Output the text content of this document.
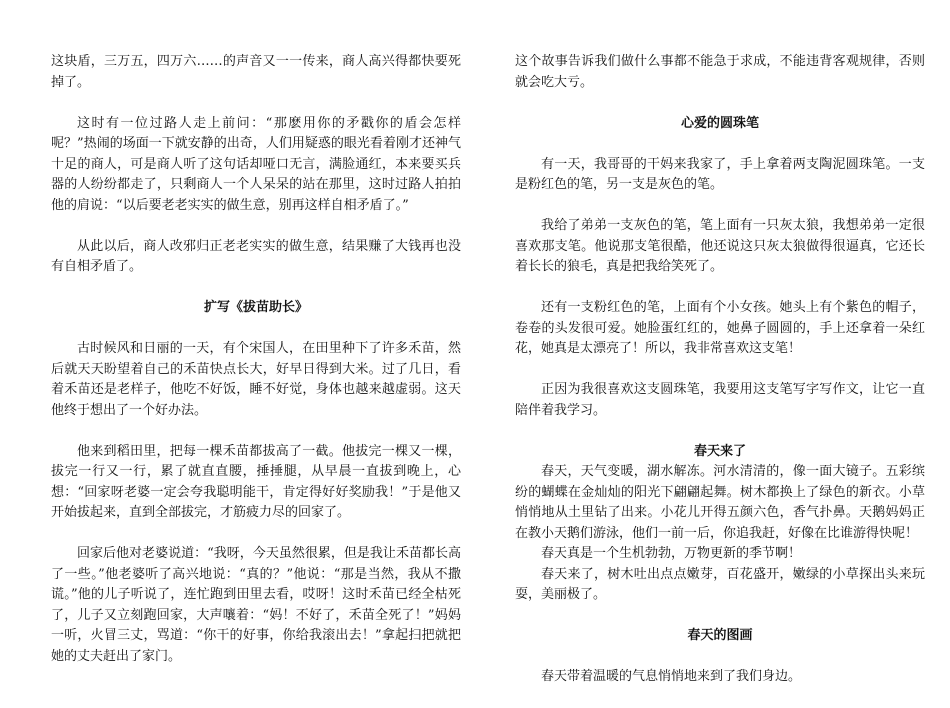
这块盾，三万五，四万六……的声音又一一传来，商人高兴得都快要死掉了。

这时有一位过路人走上前问：“那麽用你的矛戳你的盾会怎样呢？”热闹的场面一下就安静的出奇，人们用疑惑的眼光看着刚才还神气十足的商人，可是商人听了这句话却哑口无言，满脸通红，本来要买兵器的人纷纷都走了，只剩商人一个人呆呆的站在那里，这时过路人拍拍他的肩说：“以后要老老实实的做生意，别再这样自相矛盾了。”

从此以后，商人改邪归正老老实实的做生意，结果赚了大钱再也没有自相矛盾了。

扩写《拔苗助长》

古时候风和日丽的一天，有个宋国人，在田里种下了许多禾苗，然后就天天盼望着自己的禾苗快点长大，好早日得到大米。过了几日，看着禾苗还是老样子，他吃不好饭，睡不好觉，身体也越来越虚弱。这天他终于想出了一个好办法。

他来到稻田里，把每一棵禾苗都拔高了一截。他拔完一棵又一棵，拔完一行又一行，累了就直直腰，捶捶腿，从早晨一直拔到晚上，心想：“回家呀老婆一定会夸我聪明能干，肯定得好好奖励我！”于是他又开始拔起来，直到全部拔完，才筋疲力尽的回家了。

回家后他对老婆说道：“我呀，今天虽然很累，但是我让禾苗都长高了一些。”他老婆听了高兴地说：“真的？”他说：“那是当然，我从不撒谎。”他的儿子听说了，连忙跑到田里去看，哎呀！这时禾苗已经全枯死了，儿子又立刻跑回家，大声嚷着：“妈！不好了，禾苗全死了！”妈妈一听，火冒三丈，骂道：“你干的好事，你给我滚出去！”拿起扫把就把她的丈夫赶出了家门。

这个故事告诉我们做什么事都不能急于求成，不能违背客观规律，否则就会吃大亏。

心爱的圆珠笔

有一天，我哥哥的干妈来我家了，手上拿着两支陶泥圆珠笔。一支是粉红色的笔，另一支是灰色的笔。

我给了弟弟一支灰色的笔，笔上面有一只灰太狼，我想弟弟一定很喜欢那支笔。他说那支笔很酷，他还说这只灰太狼做得很逼真，它还长着长长的狼毛，真是把我给笑死了。

还有一支粉红色的笔，上面有个小女孩。她头上有个紫色的帽子，卷卷的头发很可爱。她脸蛋红红的，她鼻子圆圆的，手上还拿着一朵红花，她真是太漂亮了！所以，我非常喜欢这支笔！

正因为我很喜欢这支圆珠笔，我要用这支笔写字写作文，让它一直陪伴着我学习。

春天来了

春天，天气变暖，湖水解冻。河水清清的，像一面大镜子。五彩缤纷的蝴蝶在金灿灿的阳光下翩翩起舞。树木都换上了绿色的新衣。小草悄悄地从土里钻了出来。小花儿开得五颜六色，香气扑鼻。天鹅妈妈正在教小天鹅们游泳，他们一前一后，你追我赶，好像在比谁游得快呢！

春天真是一个生机勃勃，万物更新的季节啊！

春天来了，树木吐出点点嫩芽，百花盛开，嫩绿的小草探出头来玩耍，美丽极了。

春天的图画

春天带着温暖的气息悄悄地来到了我们身边。
